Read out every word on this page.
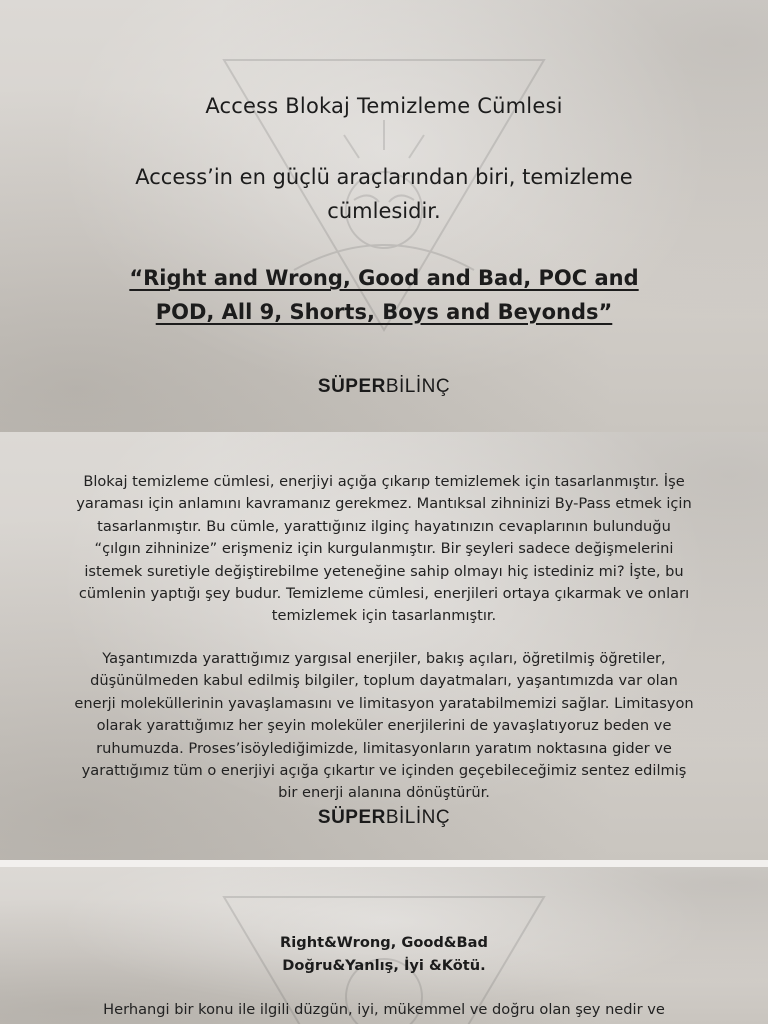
Access Blokaj Temizleme Cümlesi
Access’in en güçlü araçlarından biri, temizleme cümlesidir.
“Right and Wrong, Good and Bad, POC and POD, All 9, Shorts, Boys and Beyonds”
SÜPERBİLİNÇ
Blokaj temizleme cümlesi, enerjiyi açığa çıkarıp temizlemek için tasarlanmıştır. İşe yaraması için anlamını kavramanız gerekmez. Mantıksal zihninizi By-Pass etmek için tasarlanmıştır. Bu cümle, yarattığınız ilginç hayatınızın cevaplarının bulunduğu “çılgın zihninize” erişmeniz için kurgulanmıştır. Bir şeyleri sadece değişmelerini istemek suretiyle değiştirebilme yeteneğine sahip olmayı hiç istediniz mi? İşte, bu cümlenin yaptığı şey budur. Temizleme cümlesi, enerjileri ortaya çıkarmak ve onları temizlemek için tasarlanmıştır.
Yaşantımızda yarattığımız yargısal enerjiler, bakış açıları, öğretilmiş öğretiler, düşünülmeden kabul edilmiş bilgiler, toplum dayatmaları, yaşantımızda var olan enerji moleküllerinin yavaşlamasını ve limitasyon yaratabilmemizi sağlar. Limitasyon olarak yarattığımız her şeyin moleküler enerjilerini de yavaşlatıyoruz beden ve ruhumuzda. Proses’isöylediğimizde, limitasyonların yaratım noktasına gider ve yarattığımız tüm o enerjiyi açığa çıkartır ve içinden geçebileceğimiz sentez edilmiş bir enerji alanına dönüştürür.
SÜPERBİLİNÇ
Right&Wrong, Good&Bad
Doğru&Yanlış, İyi &Kötü.
Herhangi bir konu ile ilgili düzgün, iyi, mükemmel ve doğru olan şey nedir ve
